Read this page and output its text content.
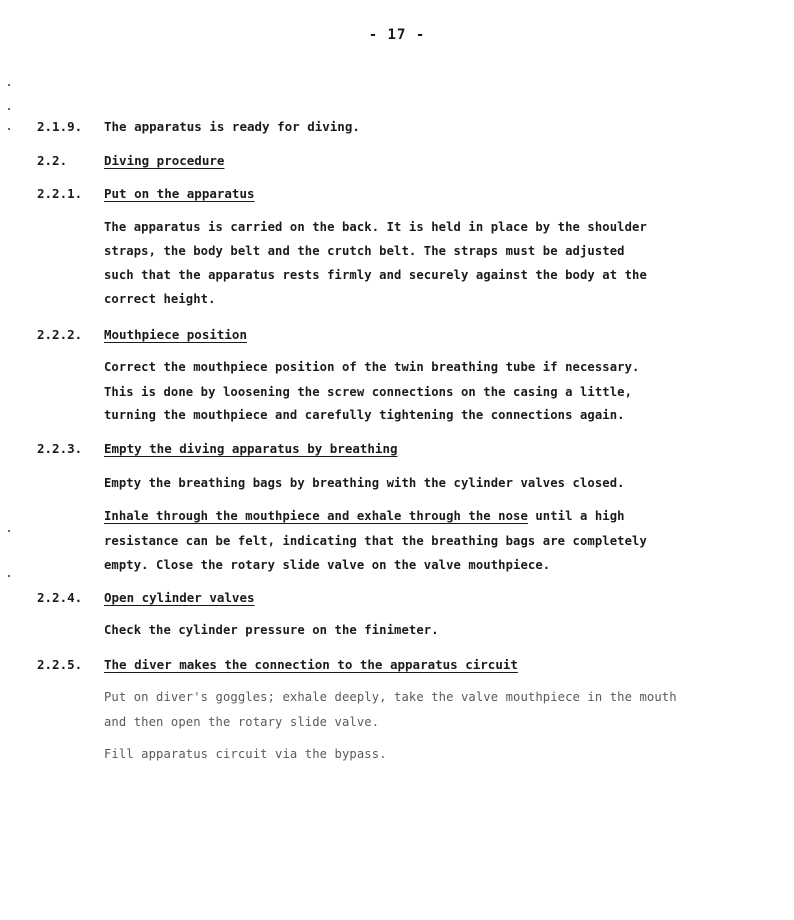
- 17 -
2.1.9. The apparatus is ready for diving.
2.2.	Diving procedure
2.2.1. Put on the apparatus
The apparatus is carried on the back. It is held in place by the shoulder
straps, the body belt and the crutch belt. The straps must be adjusted
such that the apparatus rests firmly and securely against the body at the
correct height.
2.2.2. Mouthpiece position
Correct the mouthpiece position of the twin breathing tube if necessary.
This is done by loosening the screw connections on the casing a little,
turning the mouthpiece and carefully tightening the connections again.
2.2.3. Empty the diving apparatus by breathing
Empty the breathing bags by breathing with the cylinder valves closed.
Inhale through the mouthpiece and exhale through the nose until a high
resistance can be felt, indicating that the breathing bags are completely
empty. Close the rotary slide valve on the valve mouthpiece.
2.2.4. Open cylinder valves
Check the cylinder pressure on the finimeter.
2.2.5. The diver makes the connection to the apparatus circuit
Put on diver's goggles; exhale deeply, take the valve mouthpiece in the mouth
and then open the rotary slide valve.
Fill apparatus circuit via the bypass.
